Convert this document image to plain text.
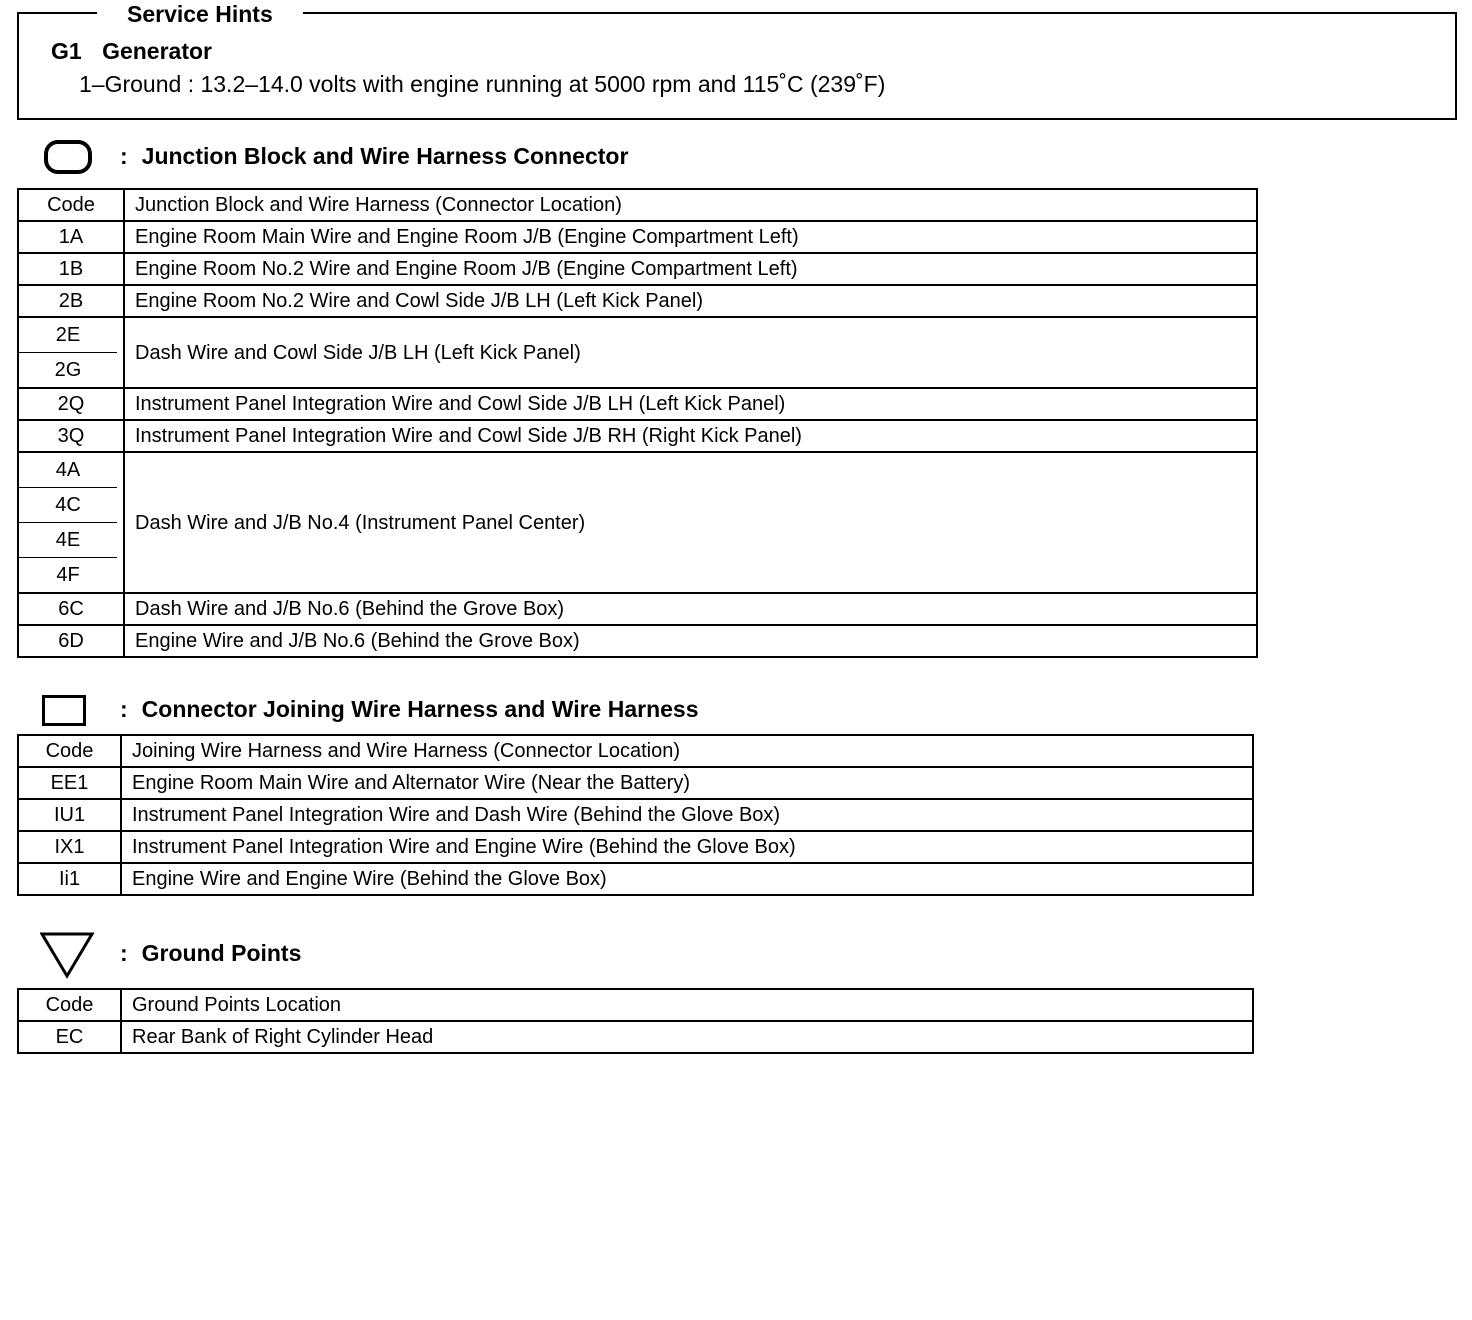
Service Hints
G1 Generator
1–Ground : 13.2–14.0 volts with engine running at 5000 rpm and 115˚C (239˚F)
: Junction Block and Wire Harness Connector
Code	Junction Block and Wire Harness (Connector Location)
1A	Engine Room Main Wire and Engine Room J/B (Engine Compartment Left)
1B	Engine Room No.2 Wire and Engine Room J/B (Engine Compartment Left)
2B	Engine Room No.2 Wire and Cowl Side J/B LH (Left Kick Panel)

2E
2G	Dash Wire and Cowl Side J/B LH (Left Kick Panel)
2Q	Instrument Panel Integration Wire and Cowl Side J/B LH (Left Kick Panel)
3Q	Instrument Panel Integration Wire and Cowl Side J/B RH (Right Kick Panel)

4A
4C
4E
4F	Dash Wire and J/B No.4 (Instrument Panel Center)
6C	Dash Wire and J/B No.6 (Behind the Grove Box)
6D	Engine Wire and J/B No.6 (Behind the Grove Box)
: Connector Joining Wire Harness and Wire Harness
Code	Joining Wire Harness and Wire Harness (Connector Location)
EE1	Engine Room Main Wire and Alternator Wire (Near the Battery)
IU1	Instrument Panel Integration Wire and Dash Wire (Behind the Glove Box)
IX1	Instrument Panel Integration Wire and Engine Wire (Behind the Glove Box)
Ii1	Engine Wire and Engine Wire (Behind the Glove Box)
: Ground Points
Code	Ground Points Location
EC	Rear Bank of Right Cylinder Head
